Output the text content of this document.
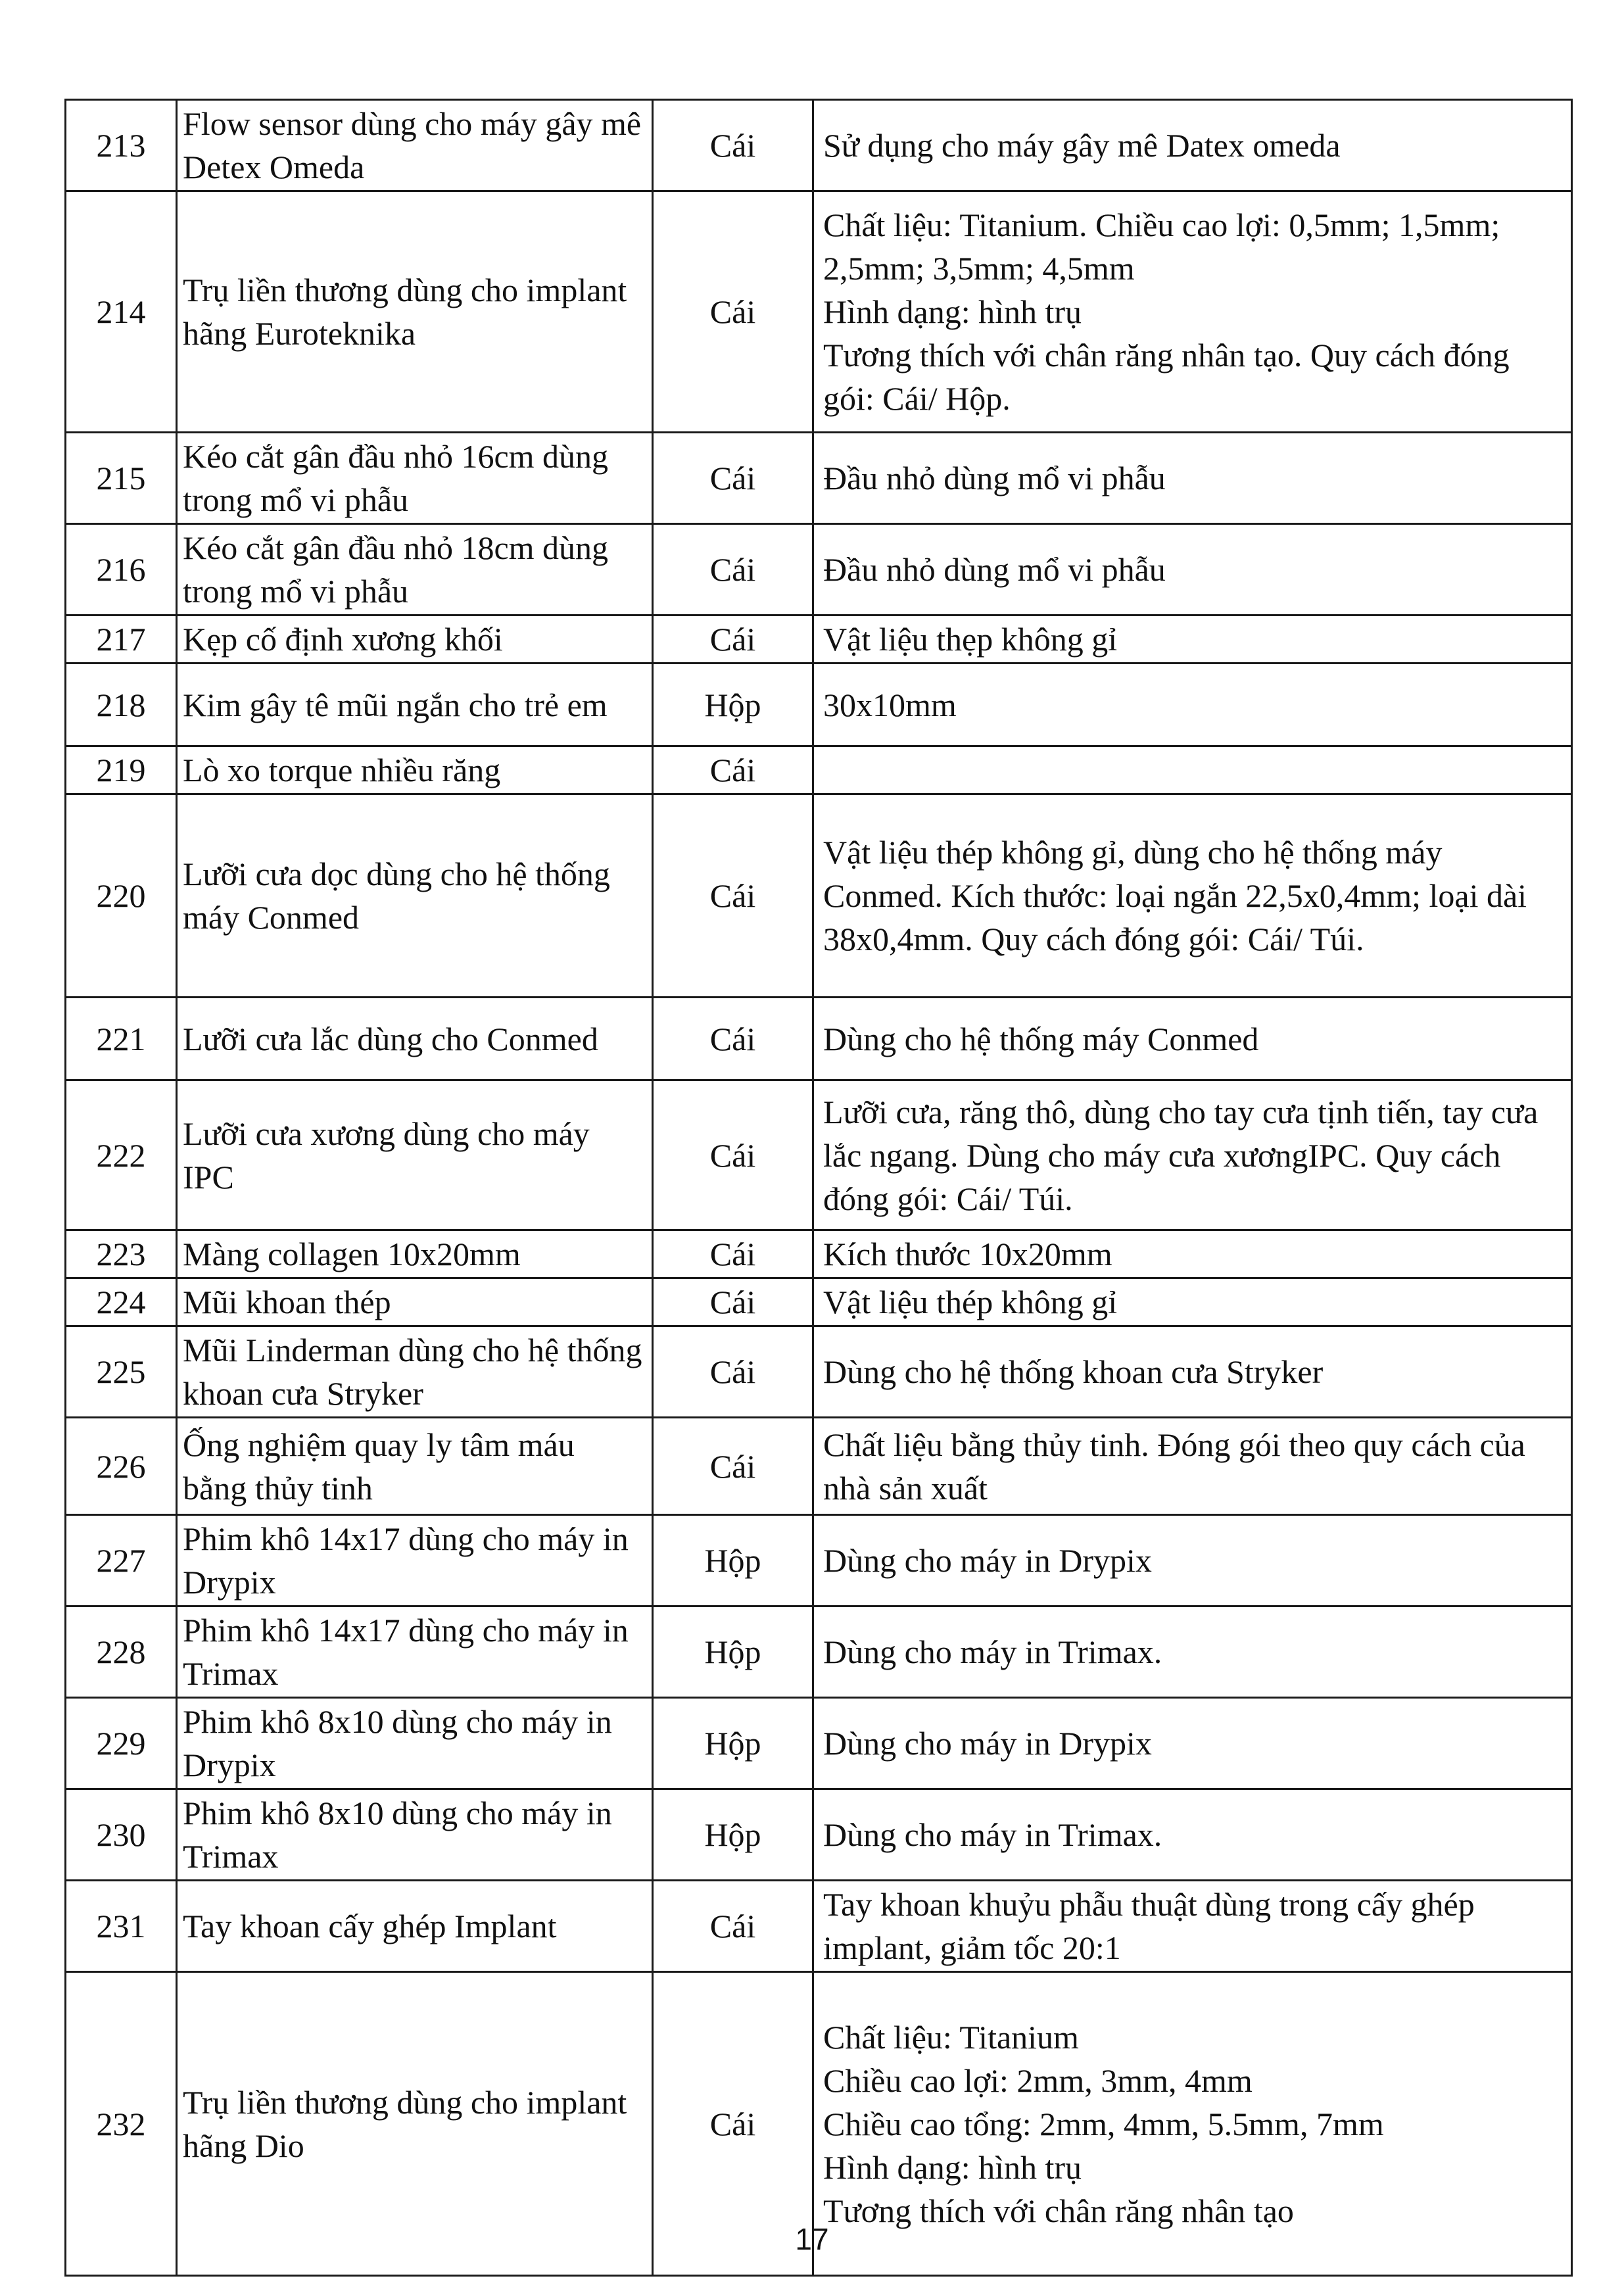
213	Flow sensor dùng cho máy gây mê Detex Omeda	Cái	Sử dụng cho máy gây mê Datex omeda

214	Trụ liền thương dùng cho implant hãng Euroteknika	Cái	Chất liệu: Titanium. Chiều cao lợi: 0,5mm; 1,5mm; 2,5mm; 3,5mm; 4,5mm
Hình dạng: hình trụ
Tương thích với chân răng nhân tạo. Quy cách đóng gói: Cái/ Hộp.

215	Kéo cắt gân đầu nhỏ 16cm dùng trong mổ vi phẫu	Cái	Đầu nhỏ dùng mổ vi phẫu

216	Kéo cắt gân đầu nhỏ 18cm dùng trong mổ vi phẫu	Cái	Đầu nhỏ dùng mổ vi phẫu

217	Kẹp cố định xương khối	Cái	Vật liệu thẹp không gỉ

218	Kim gây tê mũi ngắn cho trẻ em	Hộp	30x10mm

219	Lò xo torque nhiều răng	Cái	

220	Lưỡi cưa dọc dùng cho hệ thống máy Conmed	Cái	Vật liệu thép không gỉ, dùng cho hệ thống máy Conmed. Kích thước: loại ngắn 22,5x0,4mm; loại dài 38x0,4mm. Quy cách đóng gói: Cái/ Túi.

221	Lưỡi cưa lắc dùng cho Conmed	Cái	Dùng cho hệ thống máy Conmed

222	Lưỡi cưa xương dùng cho máy IPC	Cái	Lưỡi cưa, răng thô, dùng cho tay cưa tịnh tiến, tay cưa lắc ngang. Dùng cho máy cưa xươngIPC. Quy cách đóng gói: Cái/ Túi.

223	Màng collagen 10x20mm	Cái	Kích thước 10x20mm

224	Mũi khoan thép	Cái	Vật liệu thép không gỉ

225	Mũi Linderman dùng cho hệ thống khoan cưa Stryker	Cái	Dùng cho hệ thống khoan cưa Stryker

226	Ống nghiệm quay ly tâm máu bằng thủy tinh	Cái	Chất liệu bằng thủy tinh. Đóng gói theo quy cách của nhà sản xuất

227	Phim khô 14x17 dùng cho máy in Drypix	Hộp	Dùng cho máy in Drypix

228	Phim khô 14x17 dùng cho máy in Trimax	Hộp	Dùng cho máy in Trimax.

229	Phim khô 8x10 dùng cho máy in Drypix	Hộp	Dùng cho máy in Drypix

230	Phim khô 8x10 dùng cho máy in Trimax	Hộp	Dùng cho máy in Trimax.

231	Tay khoan cấy ghép Implant	Cái	Tay khoan khuỷu phẫu thuật dùng trong cấy ghép implant, giảm tốc 20:1

232	Trụ liền thương dùng cho implant hãng Dio	Cái	Chất liệu: Titanium
Chiều cao lợi: 2mm, 3mm, 4mm
Chiều cao tổng: 2mm, 4mm, 5.5mm, 7mm
Hình dạng: hình trụ
Tương thích với chân răng nhân tạo
17
